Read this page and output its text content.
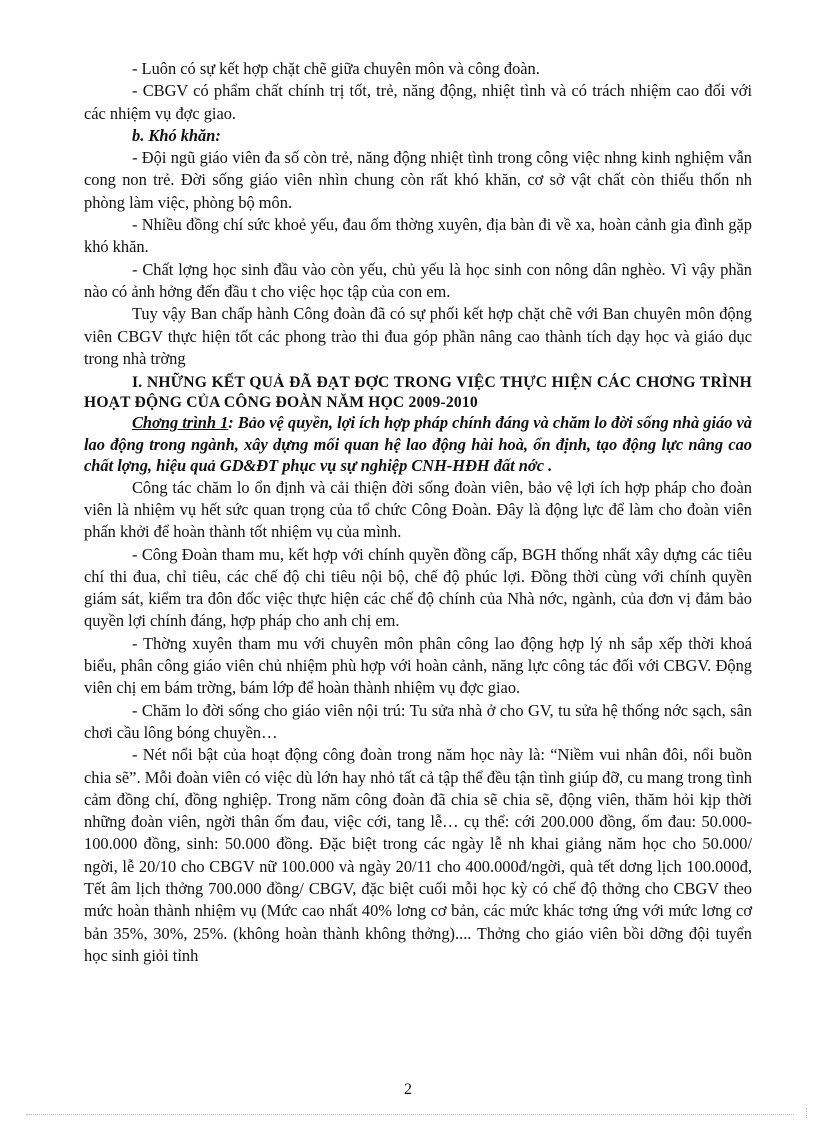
- Luôn có sự kết hợp chặt chẽ giữa chuyên môn và công đoàn.

- CBGV có phẩm chất chính trị tốt, trẻ, năng động, nhiệt tình và có trách nhiệm cao đối với các nhiệm vụ đợc giao.

b. Khó khăn:

- Đội ngũ giáo viên đa số còn trẻ, năng động nhiệt tình trong công việc nhng kinh nghiệm vẫn cong non trẻ. Đời sống giáo viên nhìn chung còn rất khó khăn, cơ sở vật chất còn thiếu thốn nh phòng làm việc, phòng bộ môn.

- Nhiều đồng chí sức khoẻ yếu, đau ốm thờng xuyên, địa bàn đi về xa, hoàn cảnh gia đình gặp khó khăn.

- Chất lợng học sinh đầu vào còn yếu, chủ yếu là học sinh con nông dân nghèo. Vì vậy phần nào có ảnh hởng đến đầu t cho việc học tập của con em.

Tuy vậy Ban chấp hành Công đoàn đã có sự phối kết hợp chặt chẽ với Ban chuyên môn động viên CBGV thực hiện tốt các phong trào thi đua góp phần nâng cao thành tích dạy học và giáo dục trong nhà trờng

I. NHỮNG KẾT QUẢ ĐÃ ĐẠT ĐỢC TRONG VIỆC THỰC HIỆN CÁC CHƠNG TRÌNH HOẠT ĐỘNG CỦA CÔNG ĐOÀN NĂM HỌC 2009-2010

Chơng trình 1: Bảo vệ quyền, lợi ích hợp pháp chính đáng và chăm lo đời sống nhà giáo và lao động trong ngành, xây dựng mối quan hệ lao động hài hoà, ổn định, tạo động lực nâng cao chất lợng, hiệu quả GD&ĐT phục vụ sự nghiệp CNH-HĐH đất nớc .

Công tác chăm lo ổn định và cải thiện đời sống đoàn viên, bảo vệ lợi ích hợp pháp cho đoàn viên là nhiệm vụ hết sức quan trọng của tổ chức Công Đoàn. Đây là động lực để làm cho đoàn viên phấn khởi để hoàn thành tốt nhiệm vụ của mình.

- Công Đoàn tham mu, kết hợp với chính quyền đồng cấp, BGH thống nhất xây dựng các tiêu chí thi đua, chỉ tiêu, các chế độ chi tiêu nội bộ, chế độ phúc lợi. Đồng thời cùng với chính quyền giám sát, kiểm tra đôn đốc việc thực hiện các chế độ chính của Nhà nớc, ngành, của đơn vị đảm bảo quyền lợi chính đáng, hợp pháp cho anh chị em.

- Thờng xuyên tham mu với chuyên môn phân công lao động hợp lý nh sắp xếp thời khoá biểu, phân công giáo viên chủ nhiệm phù hợp với hoàn cảnh, năng lực công tác đối với CBGV. Động viên chị em bám trờng, bám lớp để hoàn thành nhiệm vụ đợc giao.

- Chăm lo đời sống cho giáo viên nội trú: Tu sửa nhà ở cho GV, tu sửa hệ thống nớc sạch, sân chơi cầu lông bóng chuyền…

- Nét nổi bật của hoạt động công đoàn trong năm học này là: “Niềm vui nhân đôi, nổi buồn chia sẽ”. Mỗi đoàn viên có việc dù lớn hay nhỏ tất cả tập thể đều tận tình giúp đỡ, cu mang trong tình cảm đồng chí, đồng nghiệp. Trong năm công đoàn đã chia sẽ chia sẽ, động viên, thăm hỏi kịp thời những đoàn viên, ngời thân ốm đau, việc cới, tang lễ… cụ thể: cới 200.000 đồng, ốm đau: 50.000-100.000 đồng, sinh: 50.000 đồng. Đặc biệt trong các ngày lễ nh khai giảng năm học cho 50.000/ ngời, lễ 20/10 cho CBGV nữ 100.000 và ngày 20/11 cho 400.000đ/ngời, quà tết dơng lịch 100.000đ, Tết âm lịch thởng 700.000 đồng/ CBGV, đặc biệt cuối mỗi học kỳ có chế độ thởng cho CBGV theo mức hoàn thành nhiệm vụ (Mức cao nhất 40% lơng cơ bản, các mức khác tơng ứng với mức lơng cơ bản 35%, 30%, 25%. (không hoàn thành không thởng).... Thởng cho giáo viên bồi dỡng đội tuyển học sinh giỏi tỉnh

2
